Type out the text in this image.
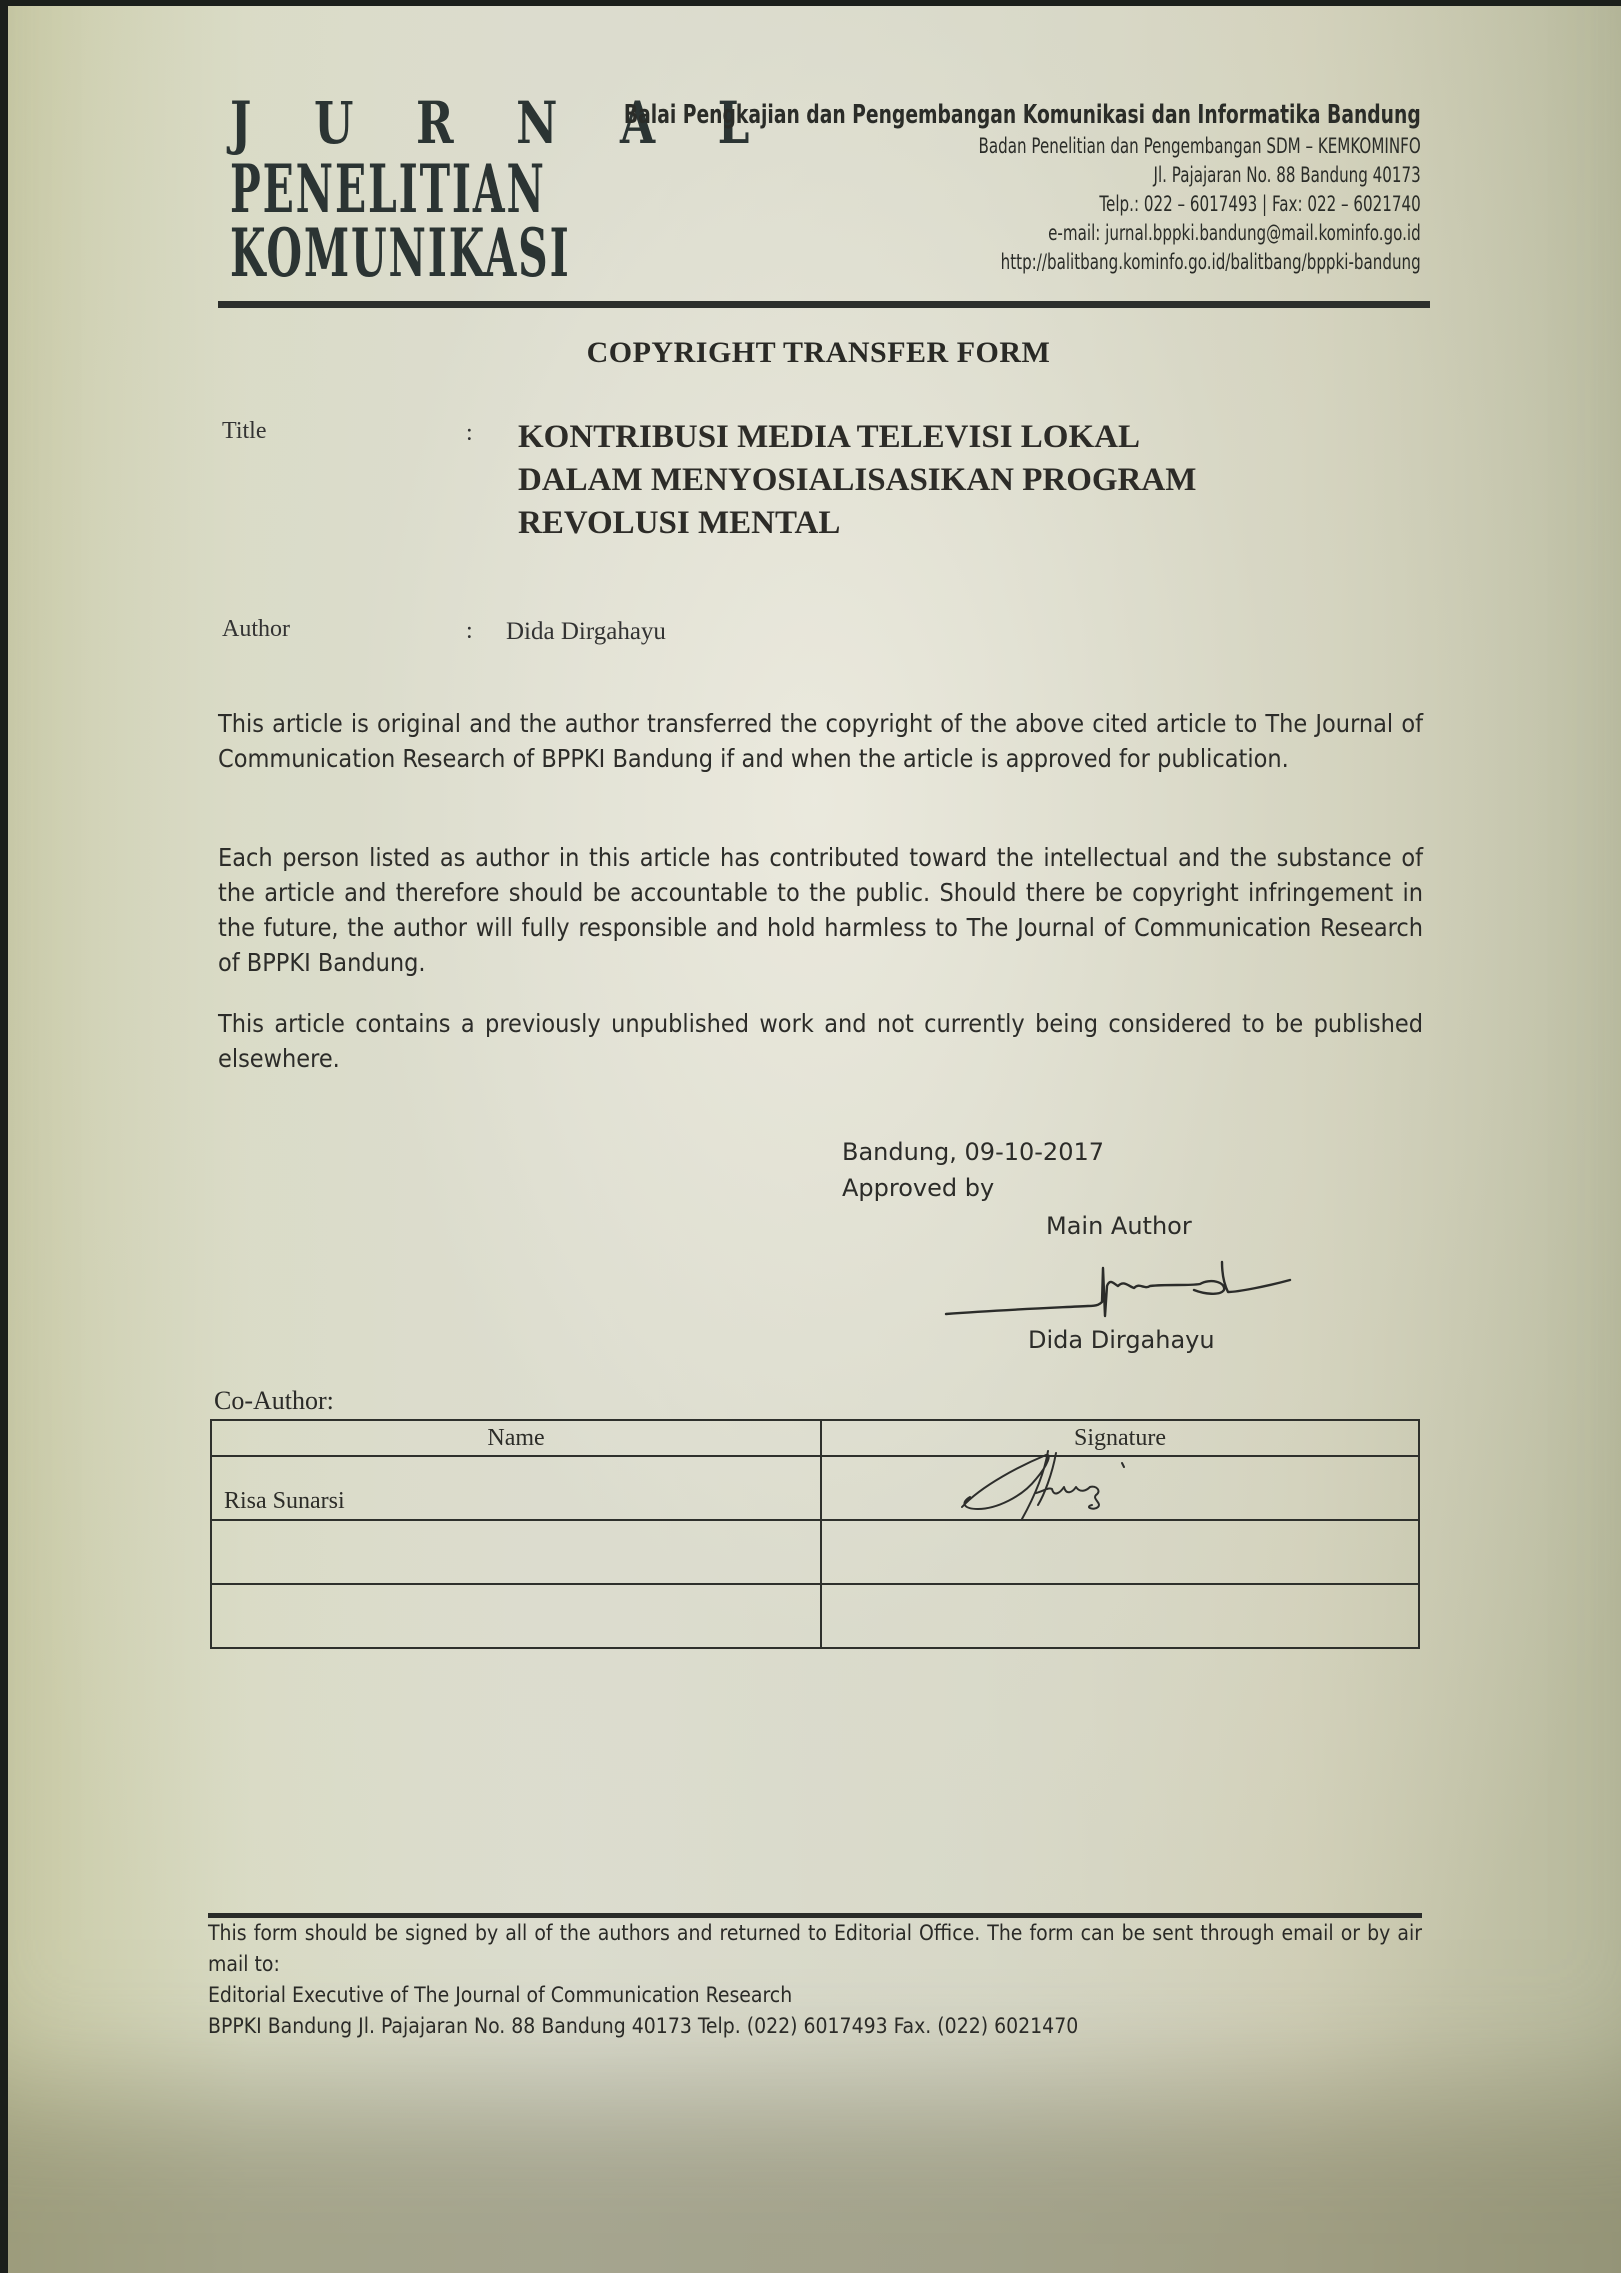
J U R N A L
PENELITIAN
KOMUNIKASI
Balai Pengkajian dan Pengembangan Komunikasi dan Informatika Bandung
Badan Penelitian dan Pengembangan SDM – KEMKOMINFO
Jl. Pajajaran No. 88 Bandung 40173
Telp.: 022 – 6017493 | Fax: 022 – 6021740
e-mail: jurnal.bppki.bandung@mail.kominfo.go.id
http://balitbang.kominfo.go.id/balitbang/bppki-bandung
COPYRIGHT TRANSFER FORM
Title	: KONTRIBUSI MEDIA TELEVISI LOKAL
DALAM MENYOSIALISASIKAN PROGRAM
REVOLUSI MENTAL
Author	: Dida Dirgahayu
This article is original and the author transferred the copyright of the above cited article to The Journal of Communication Research of BPPKI Bandung if and when the article is approved for publication.
Each person listed as author in this article has contributed toward the intellectual and the substance of the article and therefore should be accountable to the public. Should there be copyright infringement in the future, the author will fully responsible and hold harmless to The Journal of Communication Research of BPPKI Bandung.
This article contains a previously unpublished work and not currently being considered to be published elsewhere.
Bandung, 09-10-2017
Approved by
Main Author
Dida Dirgahayu
Co-Author:
Name	Signature
Risa Sunarsi	

This form should be signed by all of the authors and returned to Editorial Office. The form can be sent through email or by air mail to:
Editorial Executive of The Journal of Communication Research
BPPKI Bandung Jl. Pajajaran No. 88 Bandung 40173 Telp. (022) 6017493 Fax. (022) 6021470
